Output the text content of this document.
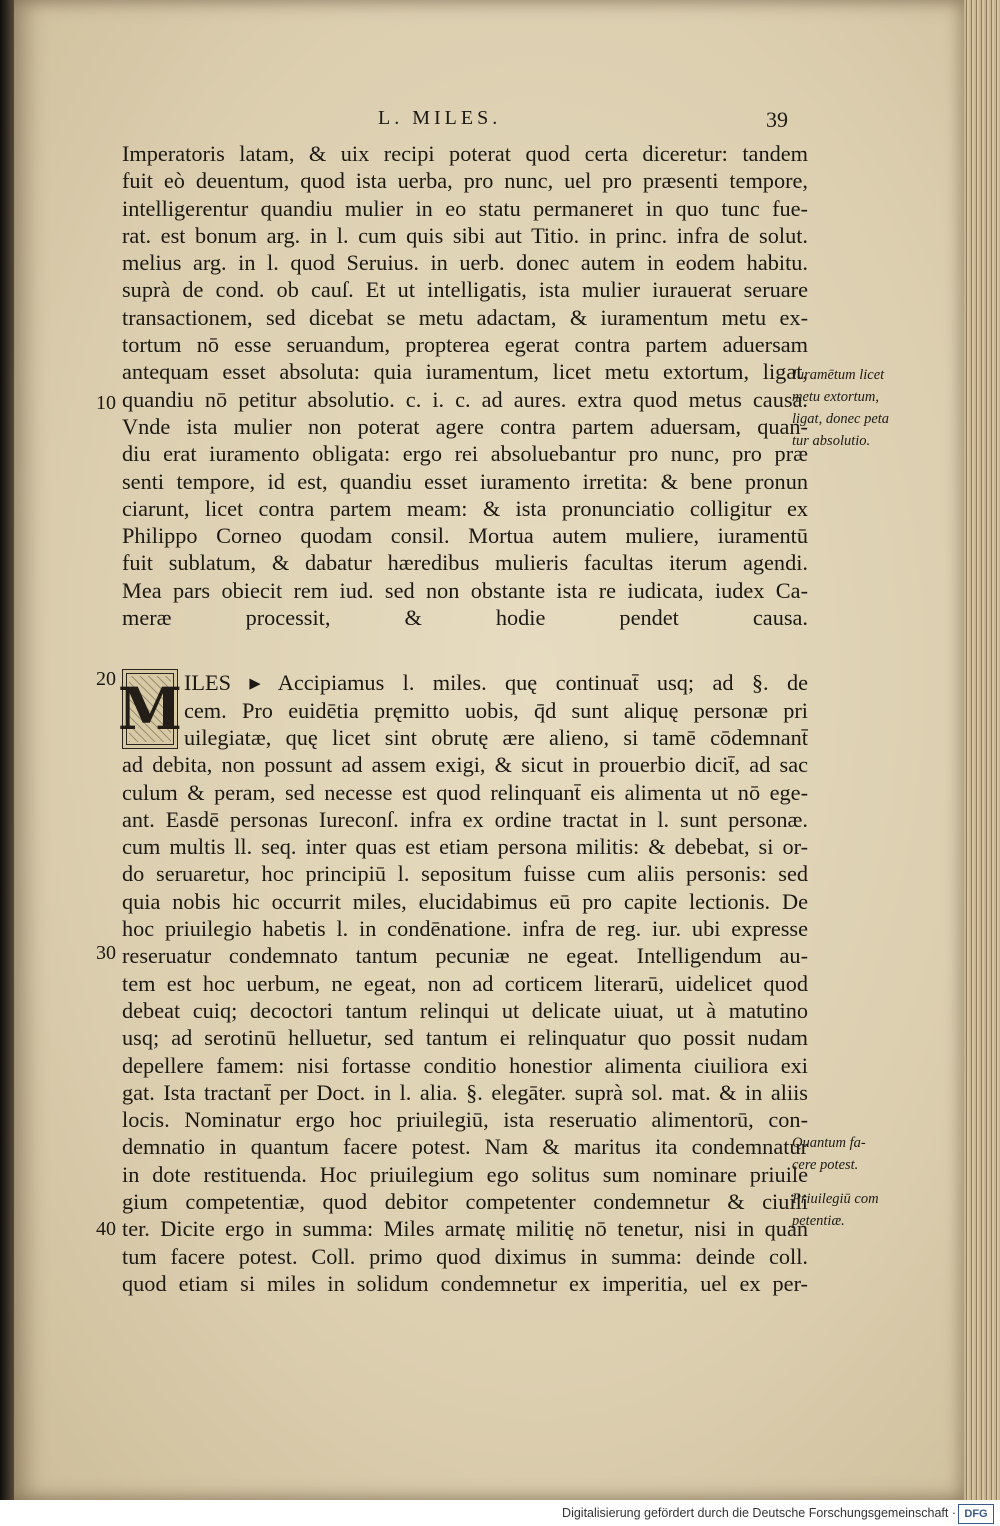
L. MILES.	39
10
20
30
40
Imperatoris latam, & uix recipi poterat quod certa diceretur: tandem
fuit eò deuentum, quod ista uerba, pro nunc, uel pro præsenti tempore,
intelligerentur quandiu mulier in eo statu permaneret in quo tunc fue-
rat. est bonum arg. in l. cum quis sibi aut Titio. in princ. infra de solut.
melius arg. in l. quod Seruius. in uerb. donec autem in eodem habitu.
suprà de cond. ob cauſ. Et ut intelligatis, ista mulier iurauerat seruare
transactionem, sed dicebat se metu adactam, & iuramentum metu ex-
tortum nō esse seruandum, propterea egerat contra partem aduersam
antequam esset absoluta: quia iuramentum, licet metu extortum, ligat,
quandiu nō petitur absolutio. c. i. c. ad aures. extra quod metus causa.
Vnde ista mulier non poterat agere contra partem aduersam, quan-
diu erat iuramento obligata: ergo rei absoluebantur pro nunc, pro præ
senti tempore, id est, quandiu esset iuramento irretita: & bene pronun
ciarunt, licet contra partem meam: & ista pronunciatio colligitur ex
Philippo Corneo quodam consil. Mortua autem muliere, iuramentū
fuit sublatum, & dabatur hæredibus mulieris facultas iterum agendi.
Mea pars obiecit rem iud. sed non obstante ista re iudicata, iudex Ca-
meræ processit, & hodie pendet causa.
M ILES ▸ Accipiamus l. miles. quę continuat̄ usq; ad §. de
cem. Pro euidētia pręmitto uobis, q̄d sunt aliquę personæ pri
uilegiatæ, quę licet sint obrutę ære alieno, si tamē cōdemnant̄
ad debita, non possunt ad assem exigi, & sicut in prouerbio dicit̄, ad sac
culum & peram, sed necesse est quod relinquant̄ eis alimenta ut nō ege-
ant. Easdē personas Iureconſ. infra ex ordine tractat in l. sunt personæ.
cum multis ll. seq. inter quas est etiam persona militis: & debebat, si or-
do seruaretur, hoc principiū l. sepositum fuisse cum aliis personis: sed
quia nobis hic occurrit miles, elucidabimus eū pro capite lectionis. De
hoc priuilegio habetis l. in condēnatione. infra de reg. iur. ubi expresse
reseruatur condemnato tantum pecuniæ ne egeat. Intelligendum au-
tem est hoc uerbum, ne egeat, non ad corticem literarū, uidelicet quod
debeat cuiq; decoctori tantum relinqui ut delicate uiuat, ut à matutino
usq; ad serotinū helluetur, sed tantum ei relinquatur quo possit nudam
depellere famem: nisi fortasse conditio honestior alimenta ciuiliora exi
gat. Ista tractant̄ per Doct. in l. alia. §. elegāter. suprà sol. mat. & in aliis
locis. Nominatur ergo hoc priuilegiū, ista reseruatio alimentorū, con-
demnatio in quantum facere potest. Nam & maritus ita condemnatur
in dote restituenda. Hoc priuilegium ego solitus sum nominare priuile
gium competentiæ, quod debitor competenter condemnetur & ciuili
ter. Dicite ergo in summa: Miles armatę militię nō tenetur, nisi in quan
tum facere potest. Coll. primo quod diximus in summa: deinde coll.
quod etiam si miles in solidum condemnetur ex imperitia, uel ex per-
Iuramētum licet
metu extortum,
ligat, donec peta
tur absolutio.
Quantum fa-
cere potest.
Priuilegiū com
petentiæ.
Digitalisierung gefördert durch die Deutsche Forschungsgemeinschaft · DFG
